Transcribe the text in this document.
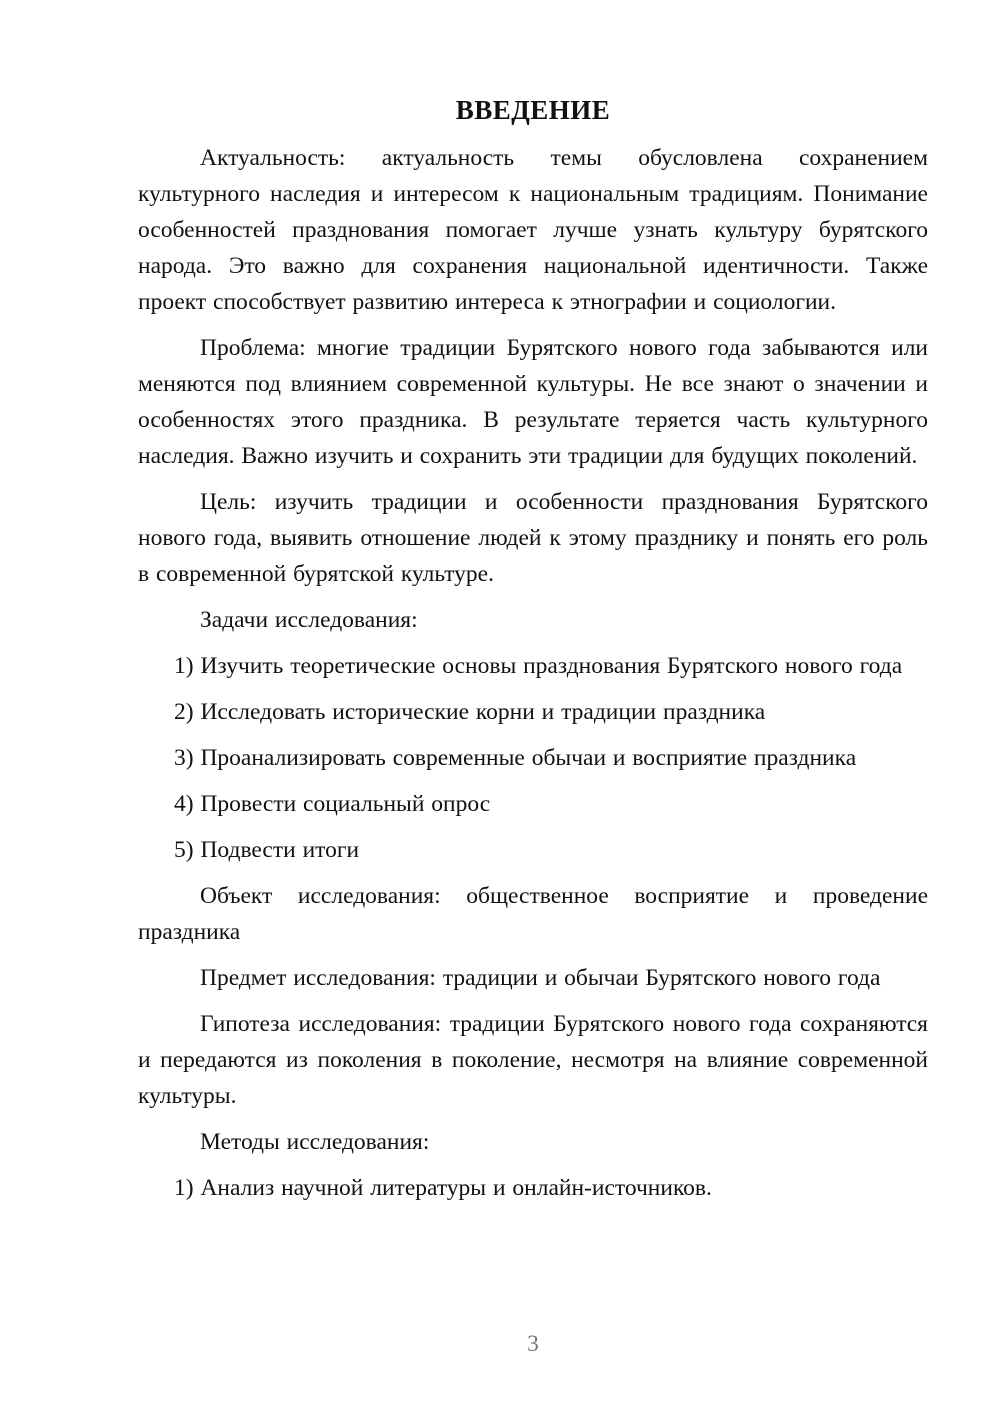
ВВЕДЕНИЕ

Актуальность: актуальность темы обусловлена сохранением культурного наследия и интересом к национальным традициям. Понимание особенностей празднования помогает лучше узнать культуру бурятского народа. Это важно для сохранения национальной идентичности. Также проект способствует развитию интереса к этнографии и социологии.

Проблема: многие традиции Бурятского нового года забываются или меняются под влиянием современной культуры. Не все знают о значении и особенностях этого праздника. В результате теряется часть культурного наследия. Важно изучить и сохранить эти традиции для будущих поколений.

Цель: изучить традиции и особенности празднования Бурятского нового года, выявить отношение людей к этому празднику и понять его роль в современной бурятской культуре.

Задачи исследования:

1) Изучить теоретические основы празднования Бурятского нового года

2) Исследовать исторические корни и традиции праздника

3) Проанализировать современные обычаи и восприятие праздника

4) Провести социальный опрос

5) Подвести итоги

Объект исследования: общественное восприятие и проведение праздника

Предмет исследования: традиции и обычаи Бурятского нового года

Гипотеза исследования: традиции Бурятского нового года сохраняются и передаются из поколения в поколение, несмотря на влияние современной культуры.

Методы исследования:

1) Анализ научной литературы и онлайн-источников.

3
